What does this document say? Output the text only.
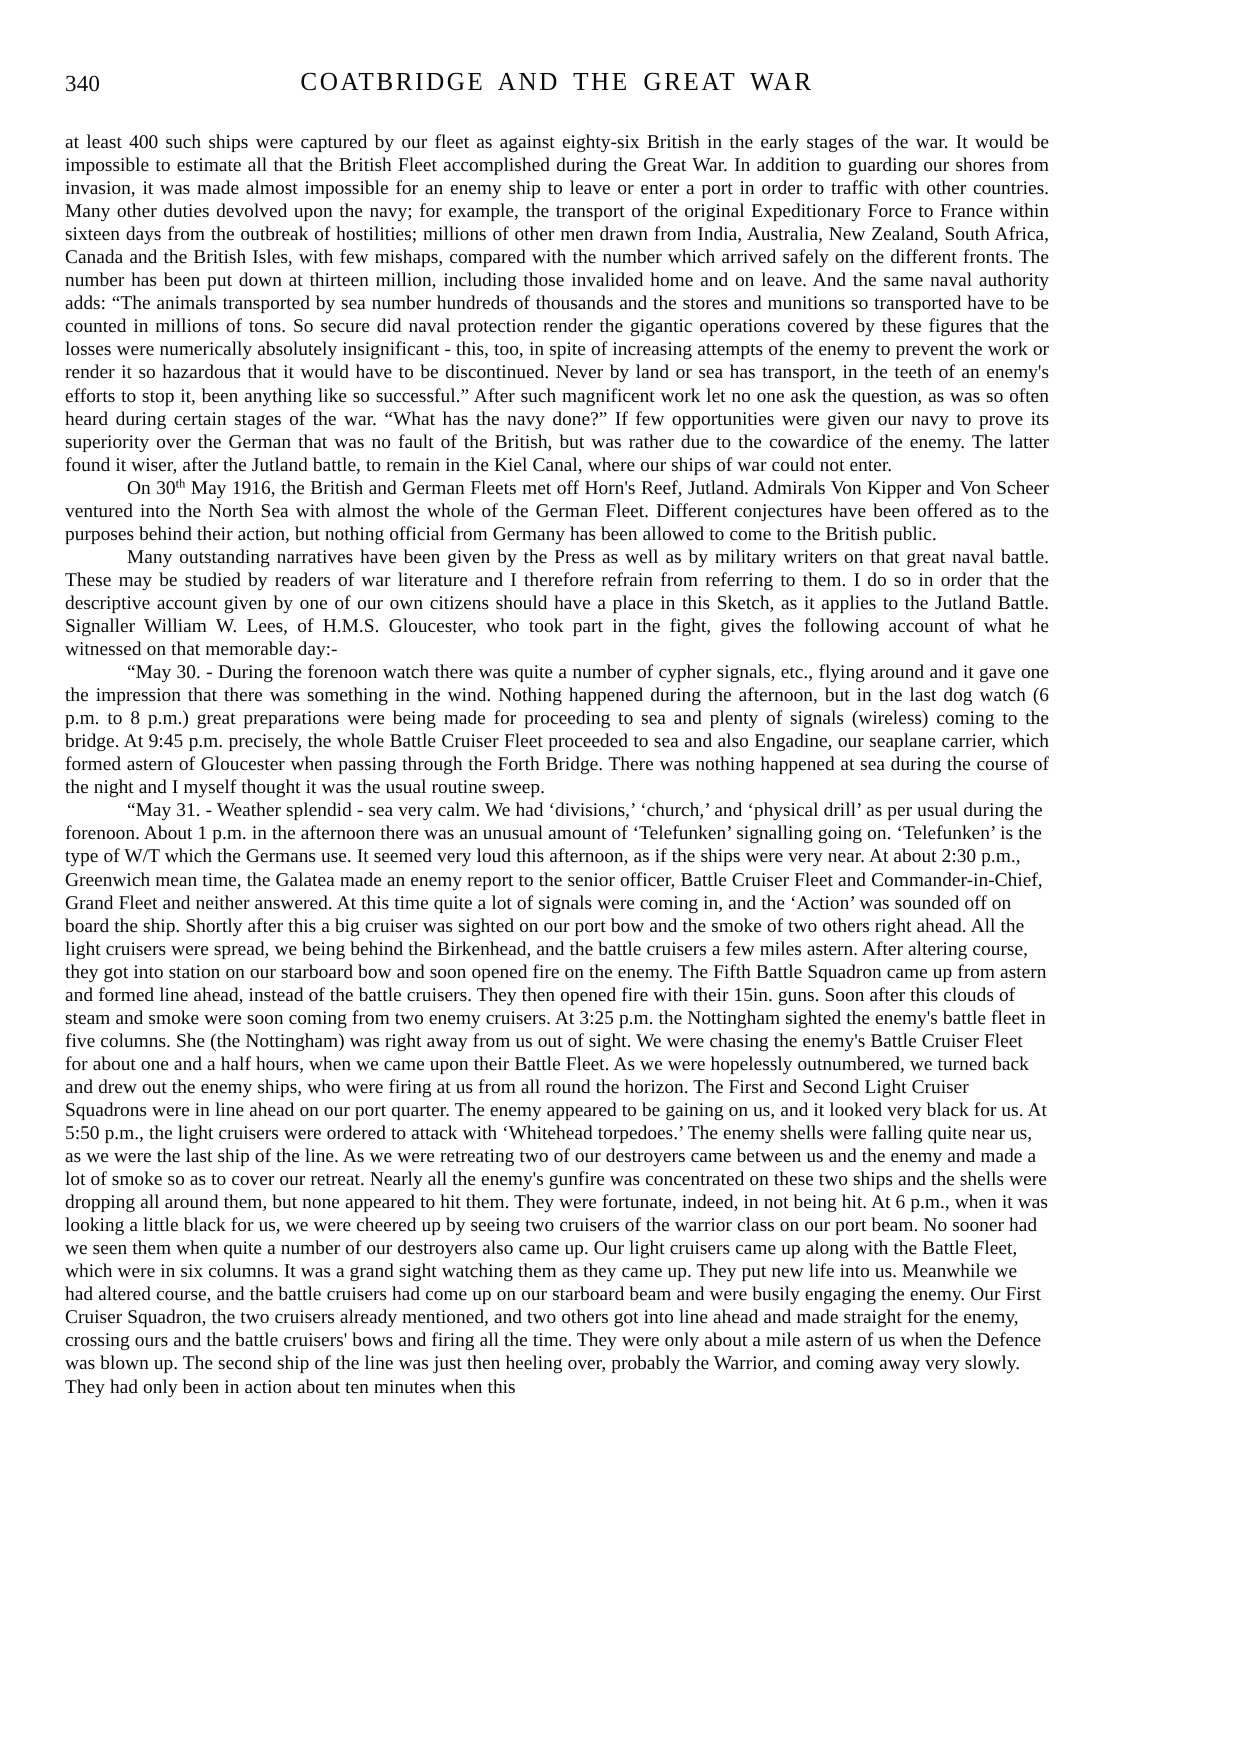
340	COATBRIDGE AND THE GREAT WAR

at least 400 such ships were captured by our fleet as against eighty-six British in the early stages of the war. It would be impossible to estimate all that the British Fleet accomplished during the Great War. In addition to guarding our shores from invasion, it was made almost impossible for an enemy ship to leave or enter a port in order to traffic with other countries. Many other duties devolved upon the navy; for example, the transport of the original Expeditionary Force to France within sixteen days from the outbreak of hostilities; millions of other men drawn from India, Australia, New Zealand, South Africa, Canada and the British Isles, with few mishaps, compared with the number which arrived safely on the different fronts. The number has been put down at thirteen million, including those invalided home and on leave. And the same naval authority adds: “The animals transported by sea number hundreds of thousands and the stores and munitions so transported have to be counted in millions of tons. So secure did naval protection render the gigantic operations covered by these figures that the losses were numerically absolutely insignificant - this, too, in spite of increasing attempts of the enemy to prevent the work or render it so hazardous that it would have to be discontinued. Never by land or sea has transport, in the teeth of an enemy's efforts to stop it, been anything like so successful.” After such magnificent work let no one ask the question, as was so often heard during certain stages of the war. “What has the navy done?” If few opportunities were given our navy to prove its superiority over the German that was no fault of the British, but was rather due to the cowardice of the enemy. The latter found it wiser, after the Jutland battle, to remain in the Kiel Canal, where our ships of war could not enter.

On 30th May 1916, the British and German Fleets met off Horn's Reef, Jutland. Admirals Von Kipper and Von Scheer ventured into the North Sea with almost the whole of the German Fleet. Different conjectures have been offered as to the purposes behind their action, but nothing official from Germany has been allowed to come to the British public.

Many outstanding narratives have been given by the Press as well as by military writers on that great naval battle. These may be studied by readers of war literature and I therefore refrain from referring to them. I do so in order that the descriptive account given by one of our own citizens should have a place in this Sketch, as it applies to the Jutland Battle. Signaller William W. Lees, of H.M.S. Gloucester, who took part in the fight, gives the following account of what he witnessed on that memorable day:-

“May 30. - During the forenoon watch there was quite a number of cypher signals, etc., flying around and it gave one the impression that there was something in the wind. Nothing happened during the afternoon, but in the last dog watch (6 p.m. to 8 p.m.) great preparations were being made for proceeding to sea and plenty of signals (wireless) coming to the bridge. At 9:45 p.m. precisely, the whole Battle Cruiser Fleet proceeded to sea and also Engadine, our seaplane carrier, which formed astern of Gloucester when passing through the Forth Bridge. There was nothing happened at sea during the course of the night and I myself thought it was the usual routine sweep.

“May 31. - Weather splendid - sea very calm. We had ‘divisions,’ ‘church,’ and ‘physical drill’ as per usual during the forenoon. About 1 p.m. in the afternoon there was an unusual amount of ‘Telefunken’ signalling going on. ‘Telefunken’ is the type of W/T which the Germans use. It seemed very loud this afternoon, as if the ships were very near. At about 2:30 p.m., Greenwich mean time, the Galatea made an enemy report to the senior officer, Battle Cruiser Fleet and Commander-in-Chief, Grand Fleet and neither answered. At this time quite a lot of signals were coming in, and the ‘Action’ was sounded off on board the ship. Shortly after this a big cruiser was sighted on our port bow and the smoke of two others right ahead. All the light cruisers were spread, we being behind the Birkenhead, and the battle cruisers a few miles astern. After altering course, they got into station on our starboard bow and soon opened fire on the enemy. The Fifth Battle Squadron came up from astern and formed line ahead, instead of the battle cruisers. They then opened fire with their 15in. guns. Soon after this clouds of steam and smoke were soon coming from two enemy cruisers. At 3:25 p.m. the Nottingham sighted the enemy's battle fleet in five columns. She (the Nottingham) was right away from us out of sight. We were chasing the enemy's Battle Cruiser Fleet for about one and a half hours, when we came upon their Battle Fleet. As we were hopelessly outnumbered, we turned back and drew out the enemy ships, who were firing at us from all round the horizon. The First and Second Light Cruiser Squadrons were in line ahead on our port quarter. The enemy appeared to be gaining on us, and it looked very black for us. At 5:50 p.m., the light cruisers were ordered to attack with ‘Whitehead torpedoes.’ The enemy shells were falling quite near us, as we were the last ship of the line. As we were retreating two of our destroyers came between us and the enemy and made a lot of smoke so as to cover our retreat. Nearly all the enemy's gunfire was concentrated on these two ships and the shells were dropping all around them, but none appeared to hit them. They were fortunate, indeed, in not being hit. At 6 p.m., when it was looking a little black for us, we were cheered up by seeing two cruisers of the warrior class on our port beam. No sooner had we seen them when quite a number of our destroyers also came up. Our light cruisers came up along with the Battle Fleet, which were in six columns. It was a grand sight watching them as they came up. They put new life into us. Meanwhile we had altered course, and the battle cruisers had come up on our starboard beam and were busily engaging the enemy. Our First Cruiser Squadron, the two cruisers already mentioned, and two others got into line ahead and made straight for the enemy, crossing ours and the battle cruisers' bows and firing all the time. They were only about a mile astern of us when the Defence was blown up. The second ship of the line was just then heeling over, probably the Warrior, and coming away very slowly. They had only been in action about ten minutes when this
